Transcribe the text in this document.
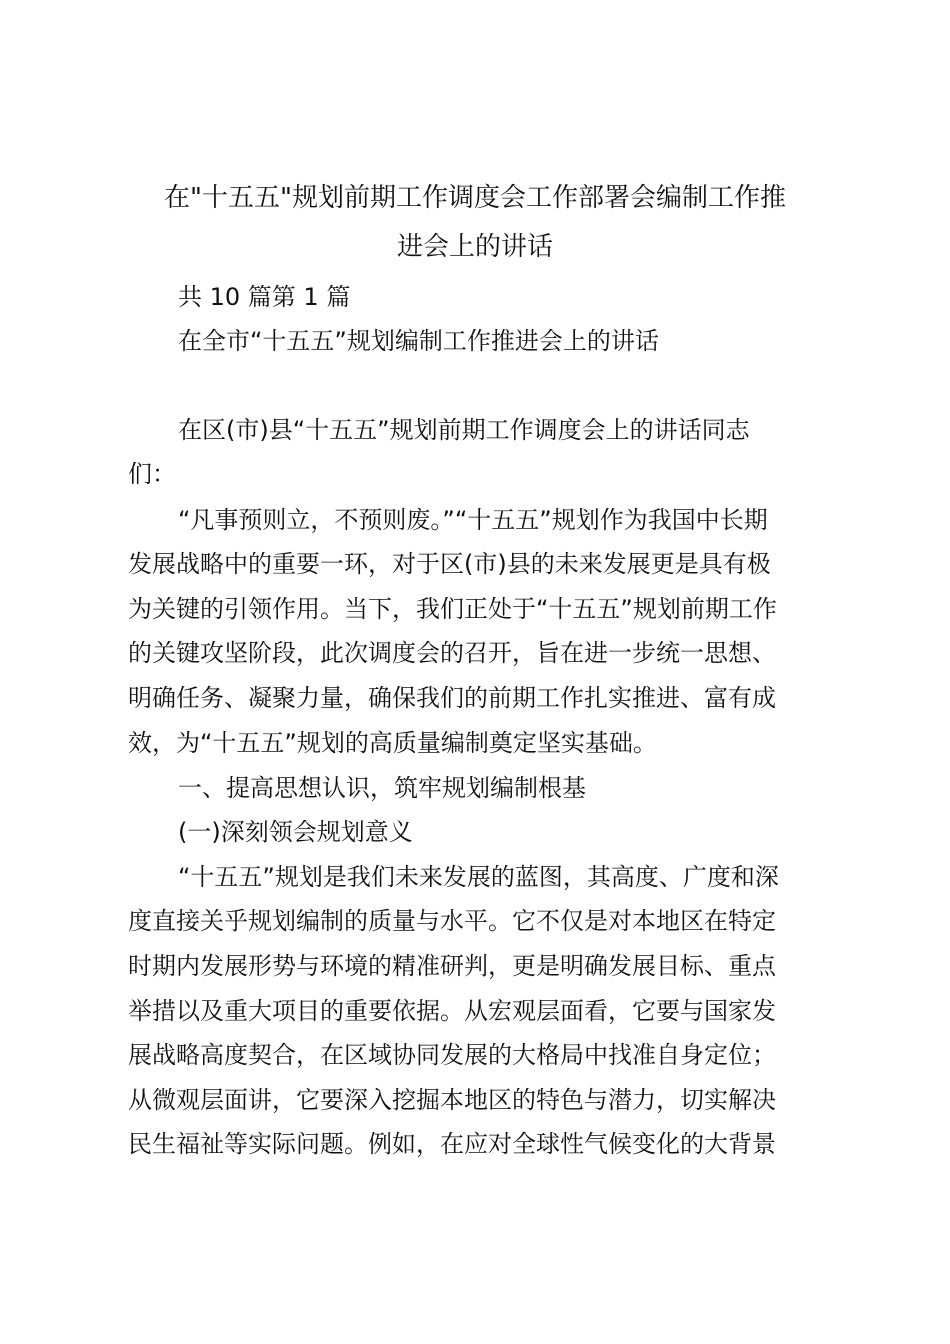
在"十五五"规划前期工作调度会工作部署会编制工作推
进会上的讲话
共 10 篇第 1 篇
在全市“十五五”规划编制工作推进会上的讲话
在区(市)县“十五五”规划前期工作调度会上的讲话同志
们：
“凡事预则立，不预则废。”“十五五”规划作为我国中长期
发展战略中的重要一环，对于区(市)县的未来发展更是具有极
为关键的引领作用。当下，我们正处于“十五五”规划前期工作
的关键攻坚阶段，此次调度会的召开，旨在进一步统一思想、
明确任务、凝聚力量，确保我们的前期工作扎实推进、富有成
效，为“十五五”规划的高质量编制奠定坚实基础。
一、提高思想认识，筑牢规划编制根基
(一)深刻领会规划意义
“十五五”规划是我们未来发展的蓝图，其高度、广度和深
度直接关乎规划编制的质量与水平。它不仅是对本地区在特定
时期内发展形势与环境的精准研判，更是明确发展目标、重点
举措以及重大项目的重要依据。从宏观层面看，它要与国家发
展战略高度契合，在区域协同发展的大格局中找准自身定位；
从微观层面讲，它要深入挖掘本地区的特色与潜力，切实解决
民生福祉等实际问题。例如，在应对全球性气候变化的大背景
